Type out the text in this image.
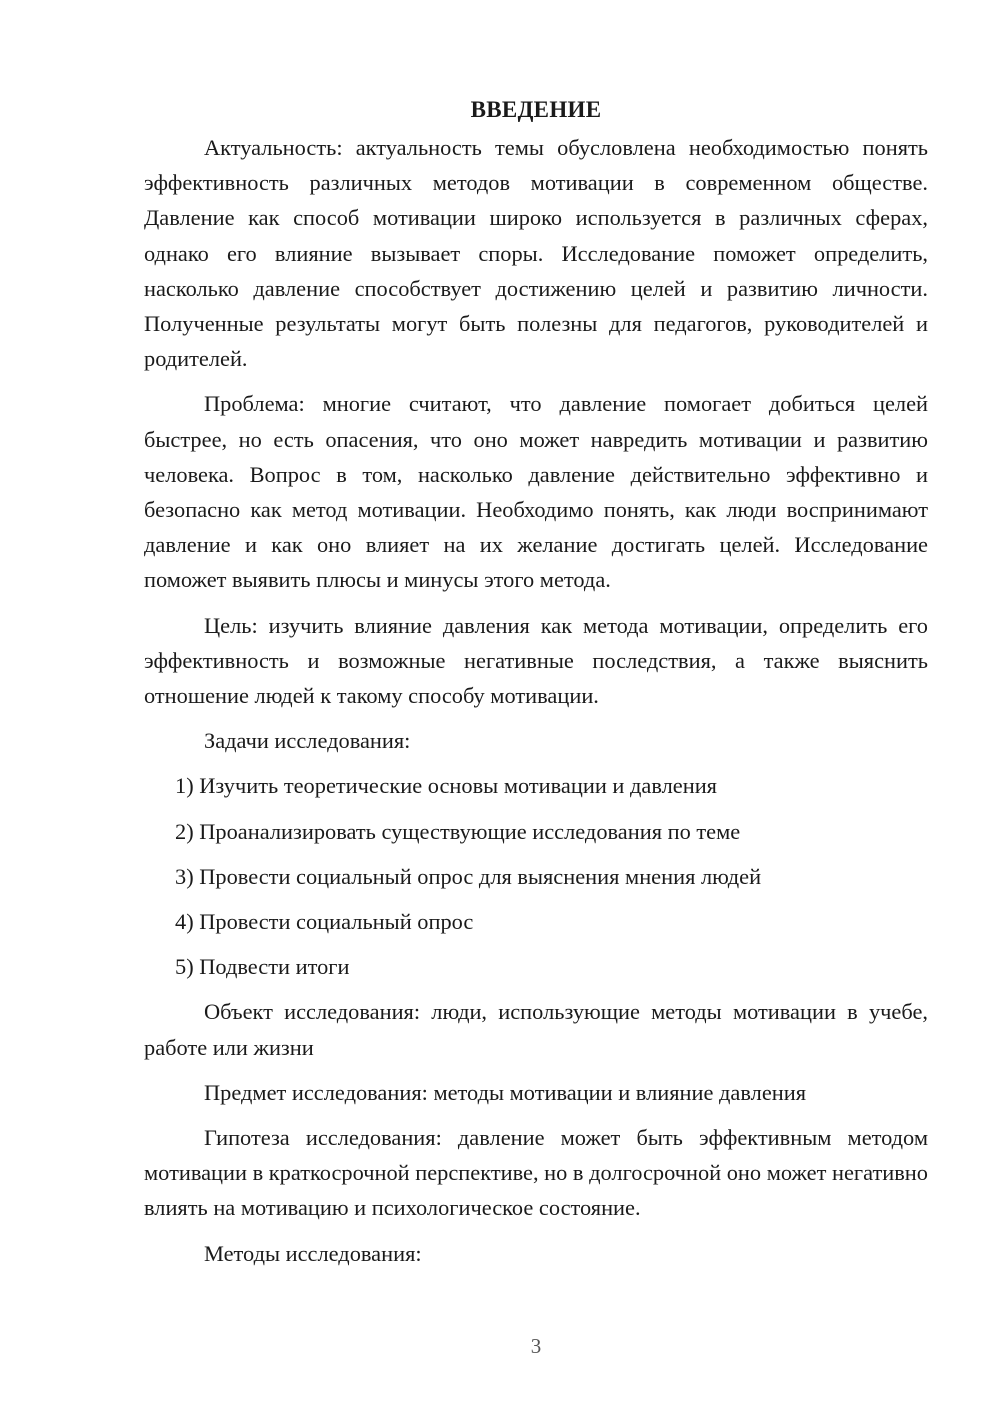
ВВЕДЕНИЕ

Актуальность: актуальность темы обусловлена необходимостью понять эффективность различных методов мотивации в современном обществе. Давление как способ мотивации широко используется в различных сферах, однако его влияние вызывает споры. Исследование поможет определить, насколько давление способствует достижению целей и развитию личности. Полученные результаты могут быть полезны для педагогов, руководителей и родителей.

Проблема: многие считают, что давление помогает добиться целей быстрее, но есть опасения, что оно может навредить мотивации и развитию человека. Вопрос в том, насколько давление действительно эффективно и безопасно как метод мотивации. Необходимо понять, как люди воспринимают давление и как оно влияет на их желание достигать целей. Исследование поможет выявить плюсы и минусы этого метода.

Цель: изучить влияние давления как метода мотивации, определить его эффективность и возможные негативные последствия, а также выяснить отношение людей к такому способу мотивации.

Задачи исследования:

1) Изучить теоретические основы мотивации и давления
2) Проанализировать существующие исследования по теме
3) Провести социальный опрос для выяснения мнения людей
4) Провести социальный опрос
5) Подвести итоги

Объект исследования: люди, использующие методы мотивации в учебе, работе или жизни

Предмет исследования: методы мотивации и влияние давления

Гипотеза исследования: давление может быть эффективным методом мотивации в краткосрочной перспективе, но в долгосрочной оно может негативно влиять на мотивацию и психологическое состояние.

Методы исследования:

3
